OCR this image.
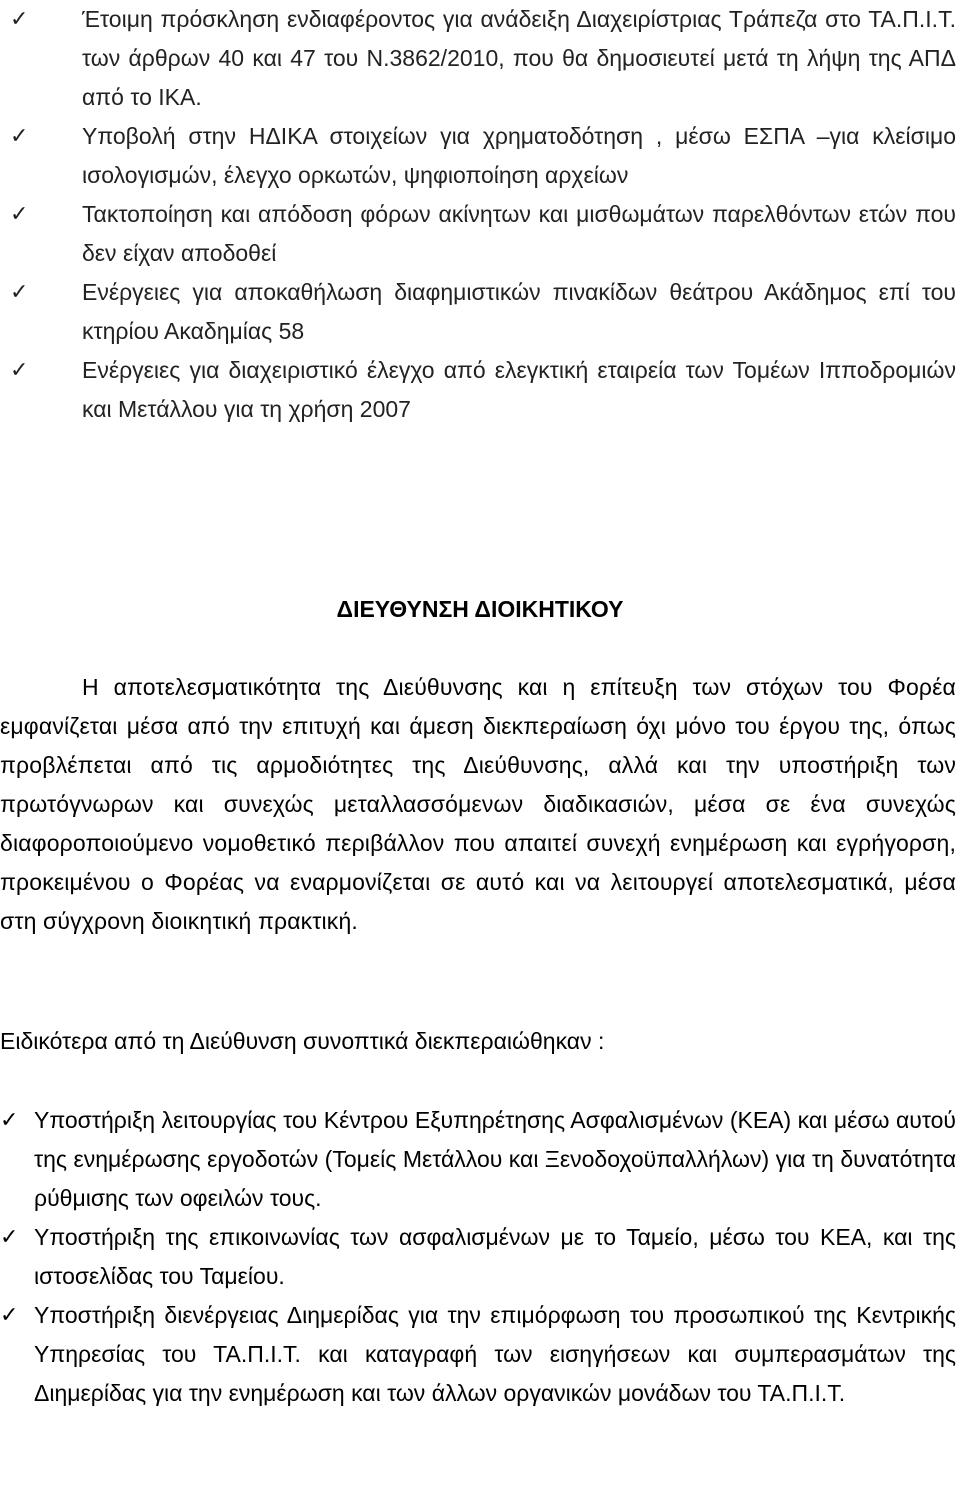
✓	Έτοιμη πρόσκληση ενδιαφέροντος για ανάδειξη Διαχειρίστριας Τράπεζα στο ΤΑ.Π.Ι.Τ. των άρθρων 40 και 47 του Ν.3862/2010, που θα δημοσιευτεί μετά τη λήψη της ΑΠΔ από το ΙΚΑ.
✓	Υποβολή στην ΗΔΙΚΑ στοιχείων για χρηματοδότηση , μέσω ΕΣΠΑ –για κλείσιμο ισολογισμών, έλεγχο ορκωτών, ψηφιοποίηση αρχείων
✓	Τακτοποίηση και απόδοση φόρων ακίνητων και μισθωμάτων παρελθόντων ετών που δεν είχαν αποδοθεί
✓	Ενέργειες για αποκαθήλωση διαφημιστικών πινακίδων θεάτρου Ακάδημος επί του κτηρίου Ακαδημίας 58
✓	Ενέργειες για διαχειριστικό έλεγχο από ελεγκτική εταιρεία των Τομέων Ιπποδρομιών και Μετάλλου για τη χρήση 2007
ΔΙΕΥΘΥΝΣΗ ΔΙΟΙΚΗΤΙΚΟΥ

Η αποτελεσματικότητα της Διεύθυνσης και η επίτευξη των στόχων του Φορέα εμφανίζεται μέσα από την επιτυχή και άμεση διεκπεραίωση όχι μόνο του έργου της, όπως προβλέπεται από τις αρμοδιότητες της Διεύθυνσης, αλλά και την υποστήριξη των πρωτόγνωρων και συνεχώς μεταλλασσόμενων διαδικασιών, μέσα σε ένα συνεχώς διαφοροποιούμενο νομοθετικό περιβάλλον που απαιτεί συνεχή ενημέρωση και εγρήγορση, προκειμένου ο Φορέας να εναρμονίζεται σε αυτό και να λειτουργεί αποτελεσματικά, μέσα στη σύγχρονη διοικητική πρακτική.

Ειδικότερα από τη Διεύθυνση συνοπτικά διεκπεραιώθηκαν :

✓ Υποστήριξη λειτουργίας του Κέντρου Εξυπηρέτησης Ασφαλισμένων (ΚΕΑ) και μέσω αυτού της ενημέρωσης εργοδοτών (Τομείς Μετάλλου και Ξενοδοχοϋπαλλήλων) για τη δυνατότητα ρύθμισης των οφειλών τους.
✓ Υποστήριξη της επικοινωνίας των ασφαλισμένων με το Ταμείο, μέσω του ΚΕΑ, και της ιστοσελίδας του Ταμείου.
✓ Υποστήριξη διενέργειας Διημερίδας για την επιμόρφωση του προσωπικού της Κεντρικής Υπηρεσίας του ΤΑ.Π.Ι.Τ. και καταγραφή των εισηγήσεων και συμπερασμάτων της Διημερίδας για την ενημέρωση και των άλλων οργανικών μονάδων του ΤΑ.Π.Ι.Τ.
